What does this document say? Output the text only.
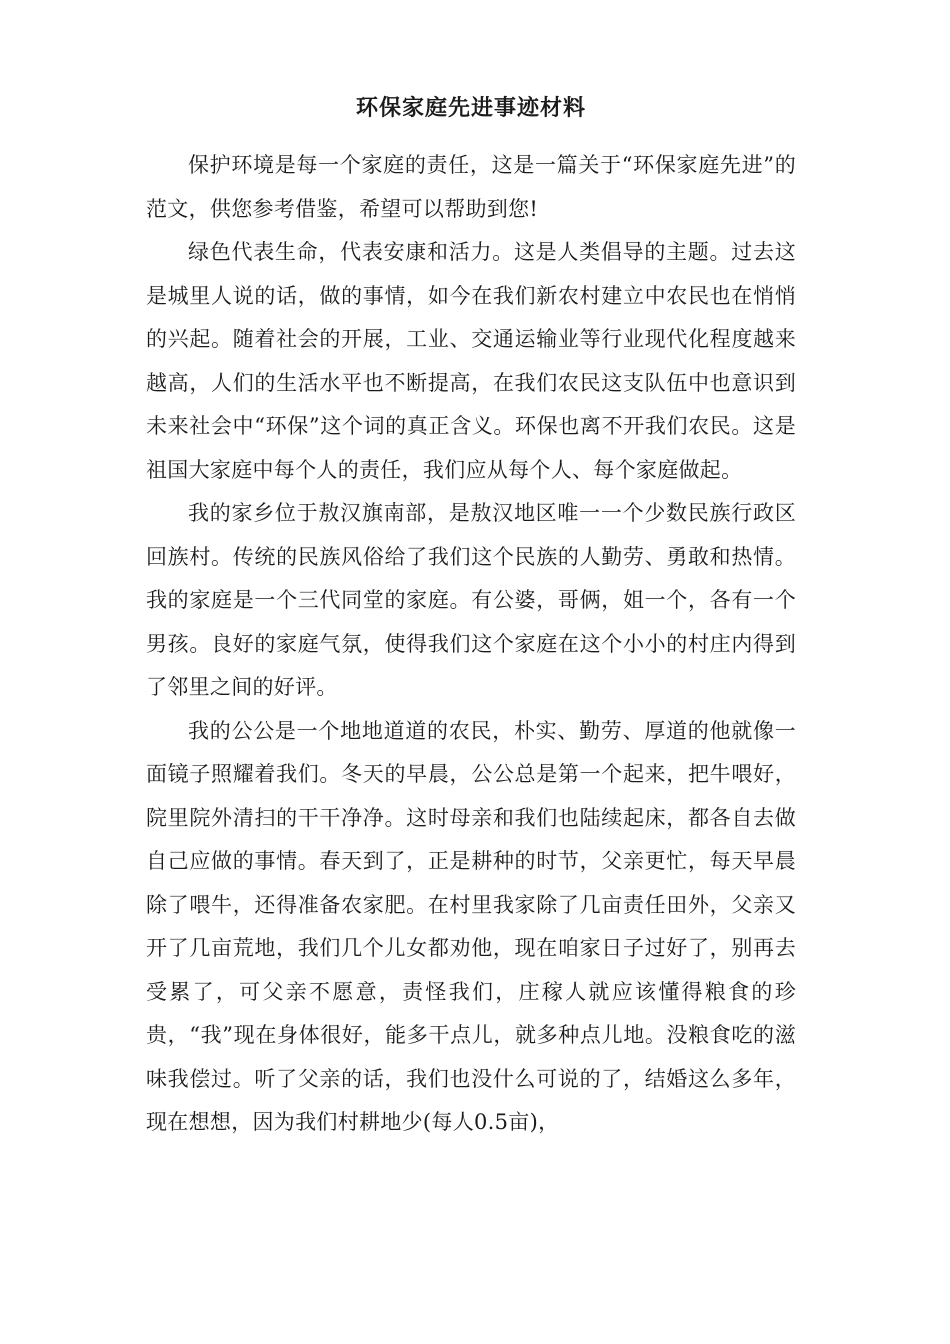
环保家庭先进事迹材料

保护环境是每一个家庭的责任，这是一篇关于“环保家庭先进”的范文，供您参考借鉴，希望可以帮助到您!

绿色代表生命，代表安康和活力。这是人类倡导的主题。过去这是城里人说的话，做的事情，如今在我们新农村建立中农民也在悄悄的兴起。随着社会的开展，工业、交通运输业等行业现代化程度越来越高，人们的生活水平也不断提高，在我们农民这支队伍中也意识到未来社会中“环保”这个词的真正含义。环保也离不开我们农民。这是祖国大家庭中每个人的责任，我们应从每个人、每个家庭做起。

我的家乡位于敖汉旗南部，是敖汉地区唯一一个少数民族行政区回族村。传统的民族风俗给了我们这个民族的人勤劳、勇敢和热情。我的家庭是一个三代同堂的家庭。有公婆，哥俩，姐一个，各有一个男孩。良好的家庭气氛，使得我们这个家庭在这个小小的村庄内得到了邻里之间的好评。

我的公公是一个地地道道的农民，朴实、勤劳、厚道的他就像一面镜子照耀着我们。冬天的早晨，公公总是第一个起来，把牛喂好，院里院外清扫的干干净净。这时母亲和我们也陆续起床，都各自去做自己应做的事情。春天到了，正是耕种的时节，父亲更忙，每天早晨除了喂牛，还得准备农家肥。在村里我家除了几亩责任田外，父亲又开了几亩荒地，我们几个儿女都劝他，现在咱家日子过好了，别再去受累了，可父亲不愿意，责怪我们，庄稼人就应该懂得粮食的珍贵，“我”现在身体很好，能多干点儿，就多种点儿地。没粮食吃的滋味我偿过。听了父亲的话，我们也没什么可说的了，结婚这么多年，现在想想，因为我们村耕地少(每人0.5亩)，
